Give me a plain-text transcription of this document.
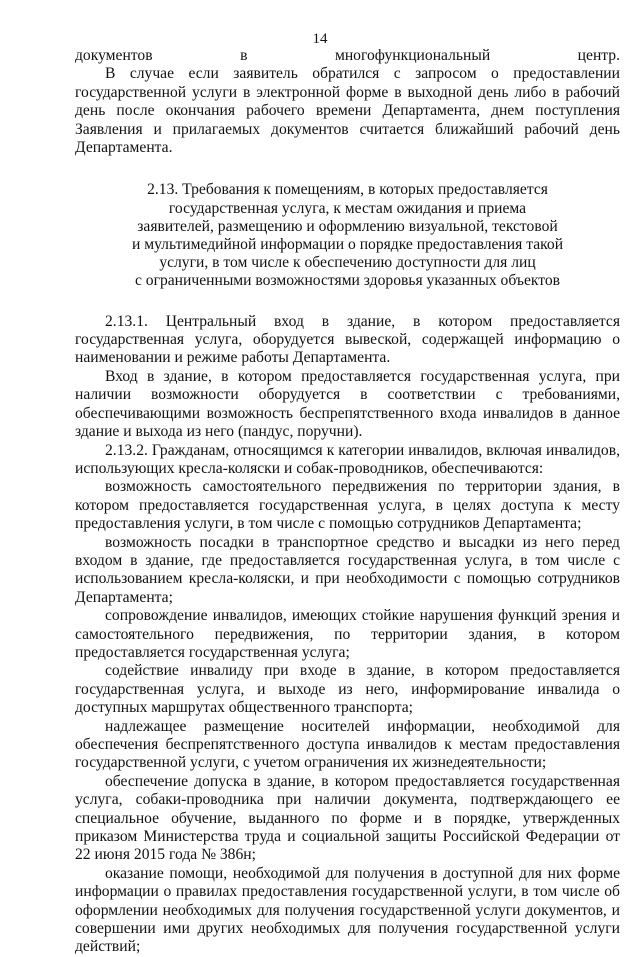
14

документов в многофункциональный центр.

В случае если заявитель обратился с запросом о предоставлении государственной услуги в электронной форме в выходной день либо в рабочий день после окончания рабочего времени Департамента, днем поступления Заявления и прилагаемых документов считается ближайший рабочий день Департамента.

2.13. Требования к помещениям, в которых предоставляется
государственная услуга, к местам ожидания и приема
заявителей, размещению и оформлению визуальной, текстовой
и мультимедийной информации о порядке предоставления такой
услуги, в том числе к обеспечению доступности для лиц
с ограниченными возможностями здоровья указанных объектов

2.13.1. Центральный вход в здание, в котором предоставляется государственная услуга, оборудуется вывеской, содержащей информацию о наименовании и режиме работы Департамента.

Вход в здание, в котором предоставляется государственная услуга, при наличии возможности оборудуется в соответствии с требованиями, обеспечивающими возможность беспрепятственного входа инвалидов в данное здание и выхода из него (пандус, поручни).

2.13.2. Гражданам, относящимся к категории инвалидов, включая инвалидов, использующих кресла-коляски и собак-проводников, обеспечиваются:

возможность самостоятельного передвижения по территории здания, в котором предоставляется государственная услуга, в целях доступа к месту предоставления услуги, в том числе с помощью сотрудников Департамента;

возможность посадки в транспортное средство и высадки из него перед входом в здание, где предоставляется государственная услуга, в том числе с использованием кресла-коляски, и при необходимости с помощью сотрудников Департамента;

сопровождение инвалидов, имеющих стойкие нарушения функций зрения и самостоятельного передвижения, по территории здания, в котором предоставляется государственная услуга;

содействие инвалиду при входе в здание, в котором предоставляется государственная услуга, и выходе из него, информирование инвалида о доступных маршрутах общественного транспорта;

надлежащее размещение носителей информации, необходимой для обеспечения беспрепятственного доступа инвалидов к местам предоставления государственной услуги, с учетом ограничения их жизнедеятельности;

обеспечение допуска в здание, в котором предоставляется государственная услуга, собаки-проводника при наличии документа, подтверждающего ее специальное обучение, выданного по форме и в порядке, утвержденных приказом Министерства труда и социальной защиты Российской Федерации от 22 июня 2015 года № 386н;

оказание помощи, необходимой для получения в доступной для них форме информации о правилах предоставления государственной услуги, в том числе об оформлении необходимых для получения государственной услуги документов, и совершении ими других необходимых для получения государственной услуги действий;
